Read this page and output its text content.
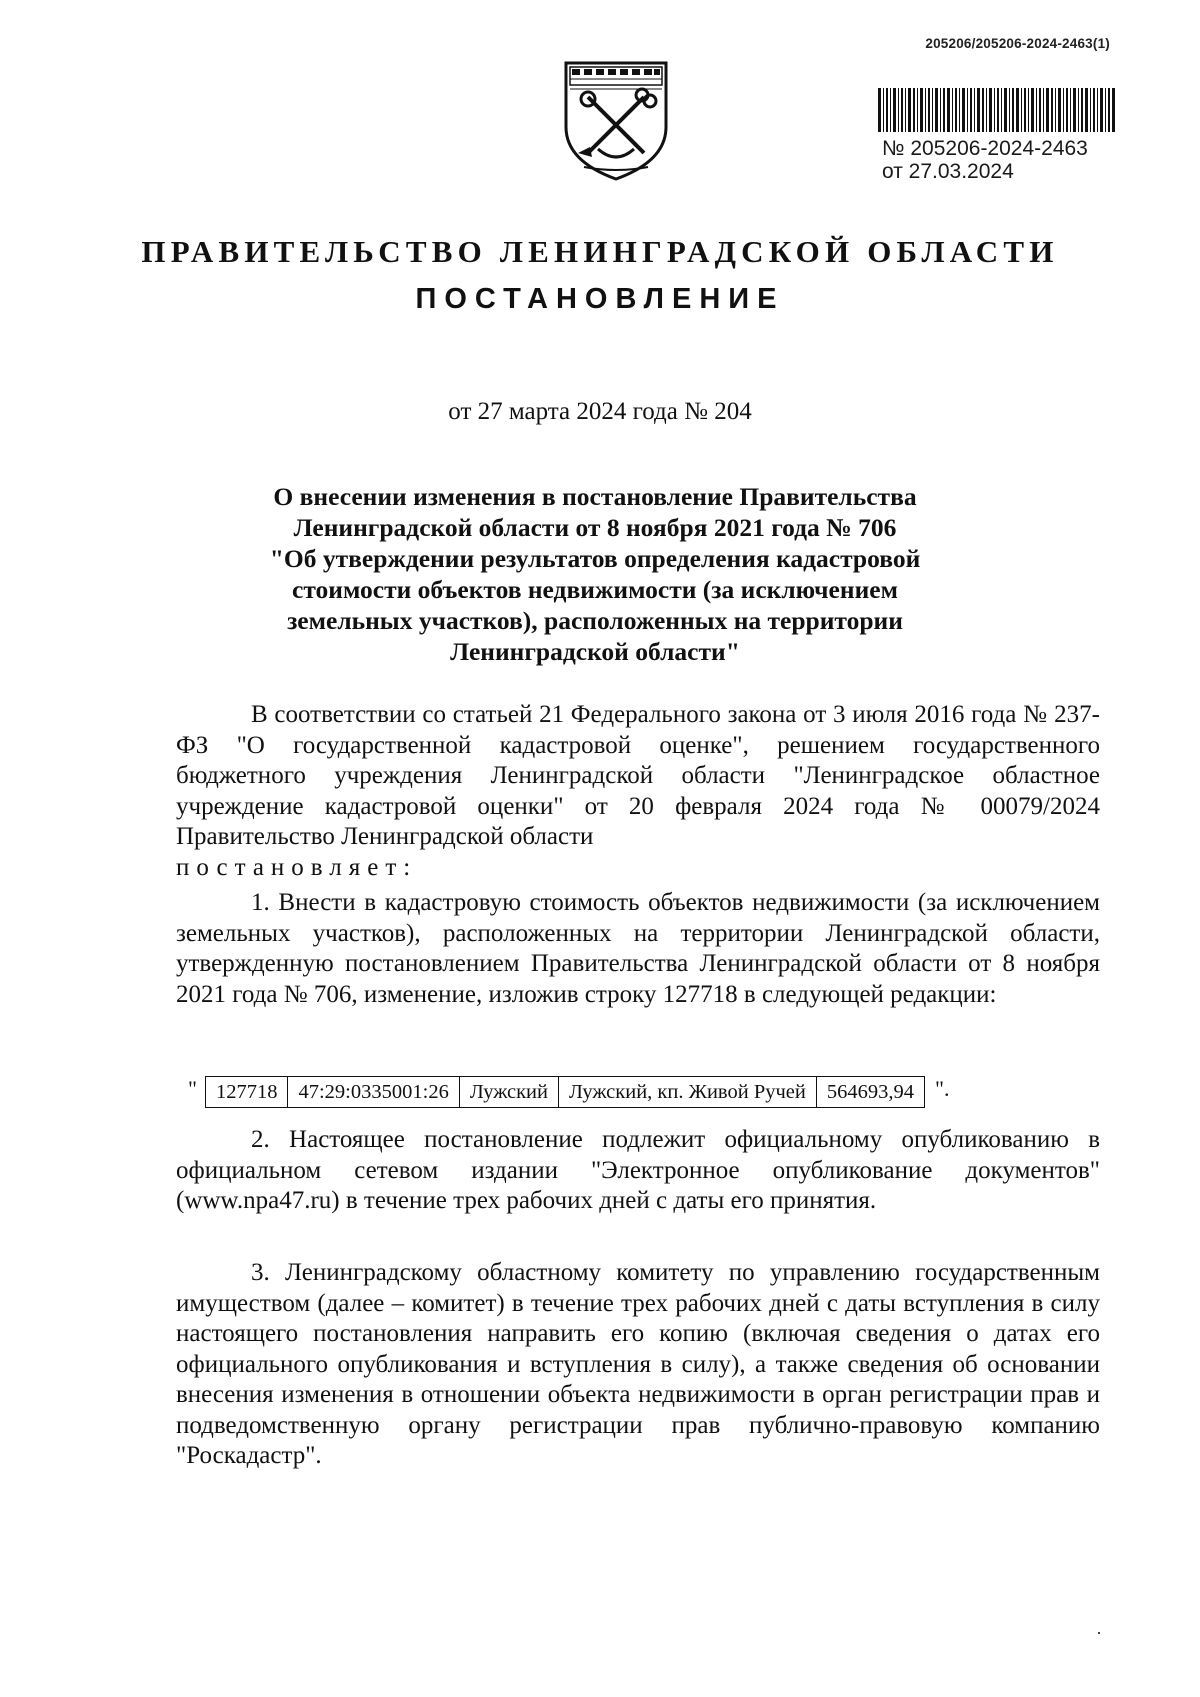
205206/205206-2024-2463(1)
№ 205206-2024-2463
от 27.03.2024
ПРАВИТЕЛЬСТВО ЛЕНИНГРАДСКОЙ ОБЛАСТИ
ПОСТАНОВЛЕНИЕ
от 27 марта 2024 года № 204
О внесении изменения в постановление Правительства
Ленинградской области от 8 ноября 2021 года № 706
"Об утверждении результатов определения кадастровой
стоимости объектов недвижимости (за исключением
земельных участков), расположенных на территории
Ленинградской области"
В соответствии со статьей 21 Федерального закона от 3 июля 2016 года № 237-ФЗ "О государственной кадастровой оценке", решением государственного бюджетного учреждения Ленинградской области "Ленинградское областное учреждение кадастровой оценки" от 20 февраля 2024 года № 00079/2024 Правительство Ленинградской области
постановляет:
1. Внести в кадастровую стоимость объектов недвижимости (за исключением земельных участков), расположенных на территории Ленинградской области, утвержденную постановлением Правительства Ленинградской области от 8 ноября 2021 года № 706, изменение, изложив строку 127718 в следующей редакции:
" 127718	47:29:0335001:26	Лужский	Лужский, кп. Живой Ручей	564693,94 ".
2. Настоящее постановление подлежит официальному опубликованию в официальном сетевом издании "Электронное опубликование документов" (www.npa47.ru) в течение трех рабочих дней с даты его принятия.
3. Ленинградскому областному комитету по управлению государственным имуществом (далее – комитет) в течение трех рабочих дней с даты вступления в силу настоящего постановления направить его копию (включая сведения о датах его официального опубликования и вступления в силу), а также сведения об основании внесения изменения в отношении объекта недвижимости в орган регистрации прав и подведомственную органу регистрации прав публично-правовую компанию "Роскадастр".
